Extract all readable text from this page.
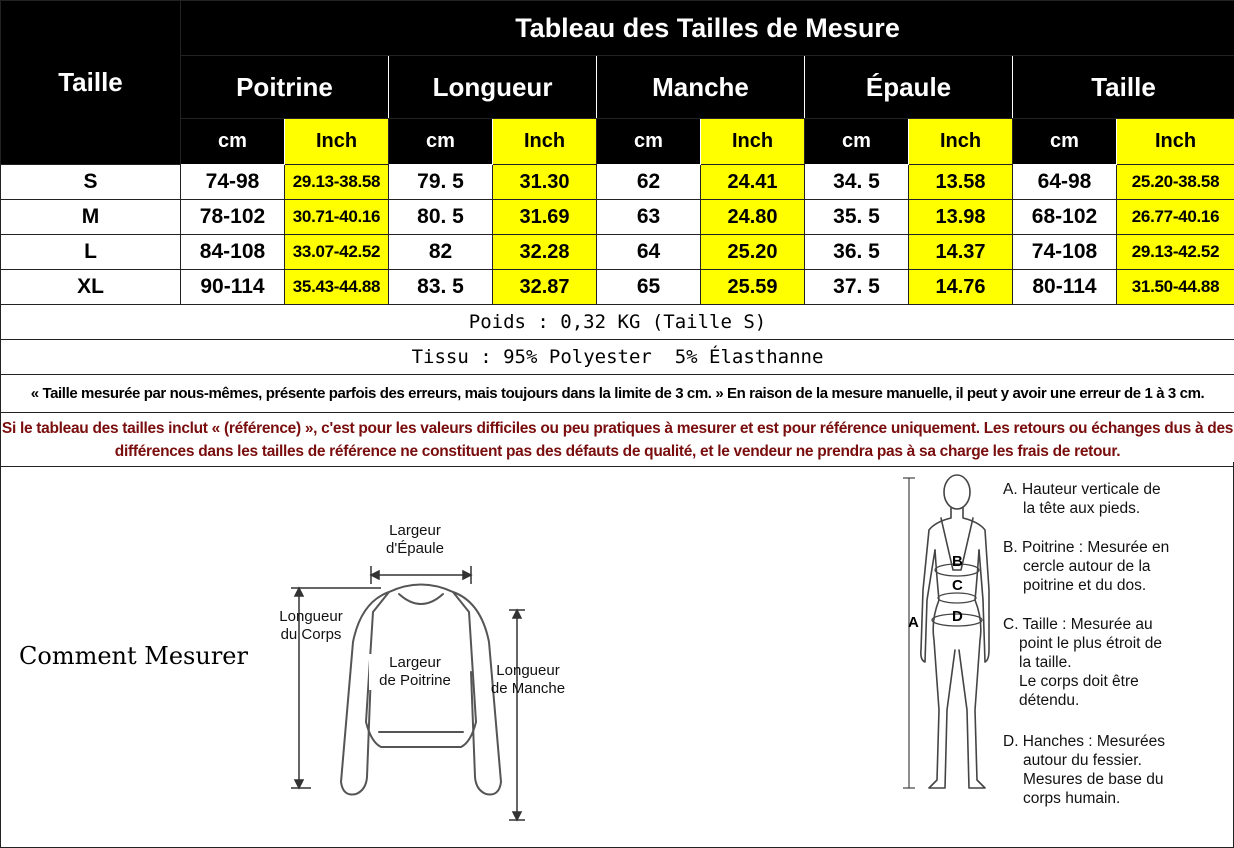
Taille	Tableau des Tailles de Mesure									
	Poitrine		Longueur		Manche		Épaule		Taille	
	cm	Inch	cm	Inch	cm	Inch	cm	Inch	cm	Inch
S	74-98	29.13-38.58	79. 5	31.30	62	24.41	34. 5	13.58	64-98	25.20-38.58
M	78-102	30.71-40.16	80. 5	31.69	63	24.80	35. 5	13.98	68-102	26.77-40.16
L	84-108	33.07-42.52	82	32.28	64	25.20	36. 5	14.37	74-108	29.13-42.52
XL	90-114	35.43-44.88	83. 5	32.87	65	25.59	37. 5	14.76	80-114	31.50-44.88
Poids : 0,32 KG (Taille S)										
Tissu : 95% Polyester  5% Élasthanne										
« Taille mesurée par nous-mêmes, présente parfois des erreurs, mais toujours dans la limite de 3 cm. » En raison de la mesure manuelle, il peut y avoir une erreur de 1 à 3 cm.										
Si le tableau des tailles inclut « (référence) », c'est pour les valeurs difficiles ou peu pratiques à mesurer et est pour référence uniquement. Les retours ou échanges dus à des différences dans les tailles de référence ne constituent pas des défauts de qualité, et le vendeur ne prendra pas à sa charge les frais de retour.										
Comment Mesurer
Largeur
d'Épaule
Longueur
du Corps
Largeur
de Poitrine
Longueur
de Manche
A
B
C
D
A. Hauteur verticale de
la tête aux pieds.
B. Poitrine : Mesurée en
cercle autour de la
poitrine et du dos.
C. Taille : Mesurée au
point le plus étroit de
la taille.
Le corps doit être
détendu.
D. Hanches : Mesurées
autour du fessier.
Mesures de base du
corps humain.
